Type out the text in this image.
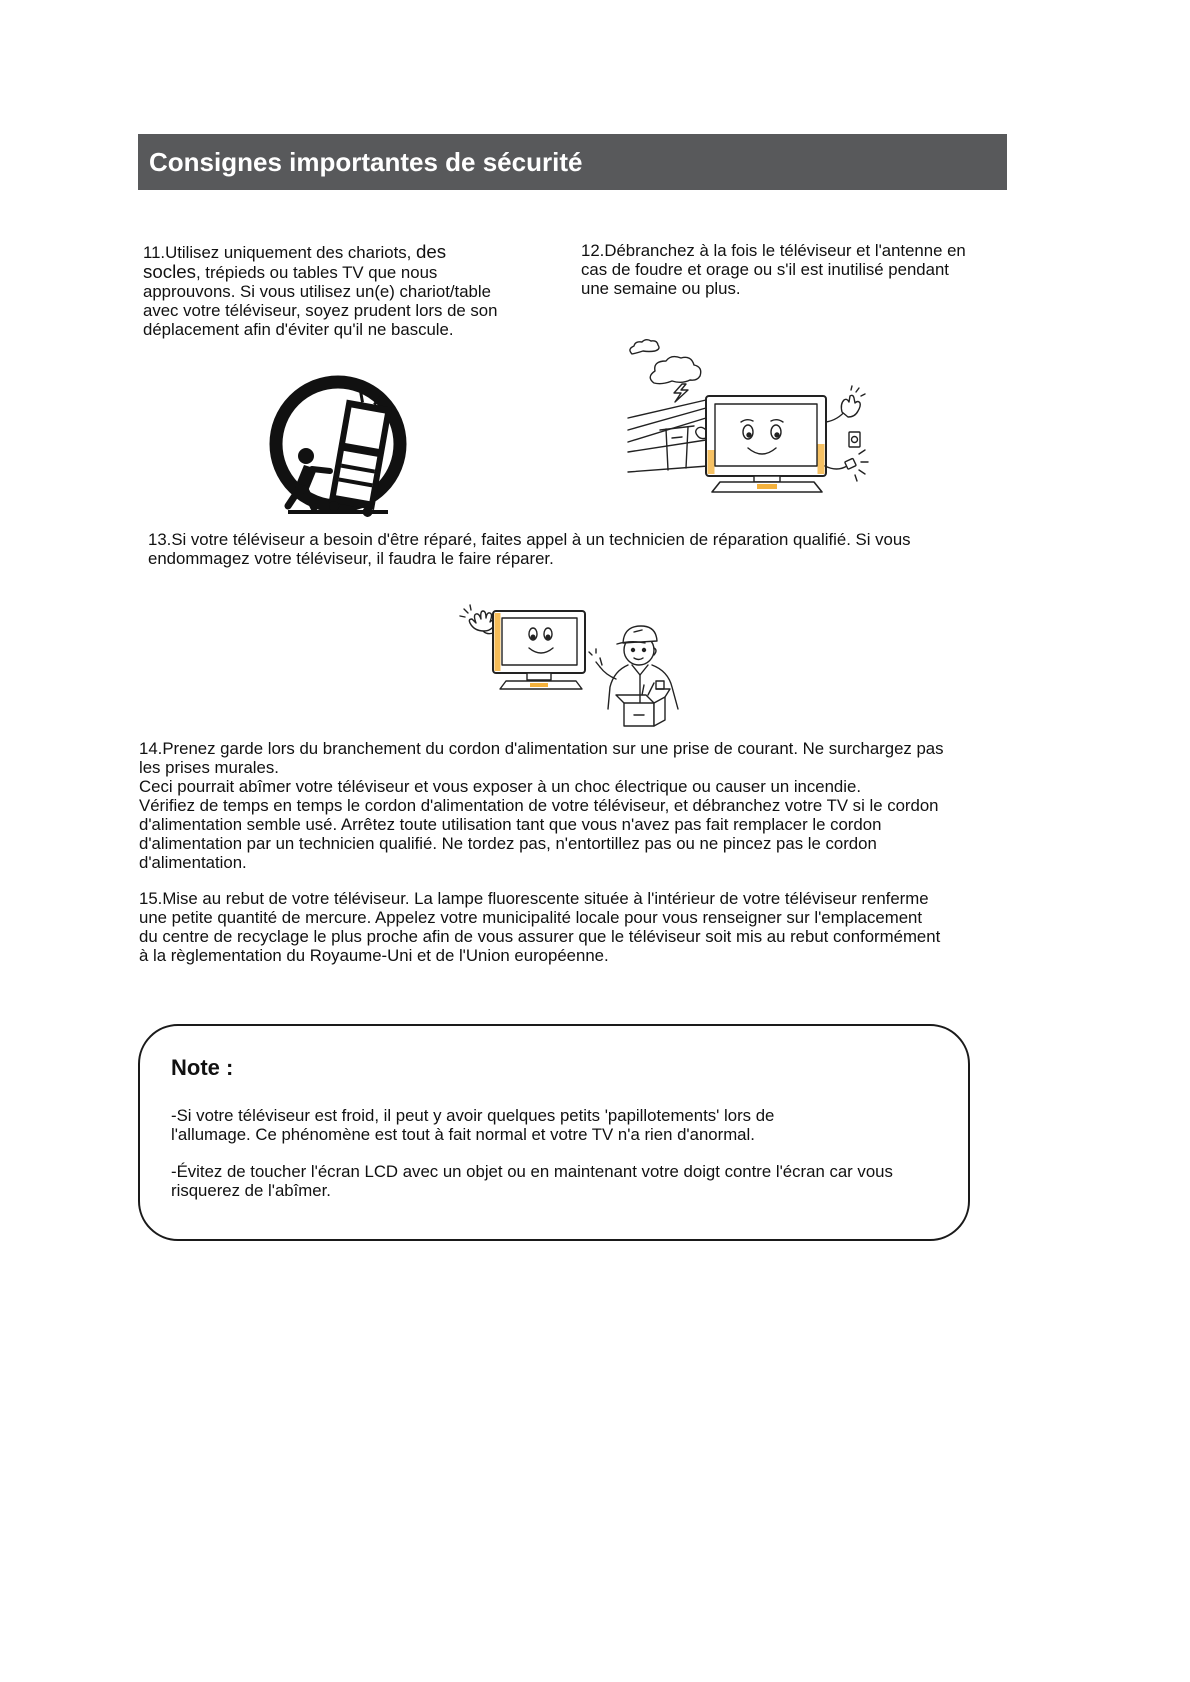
Consignes importantes de sécurité
11.Utilisez uniquement des chariots, des
socles, trépieds ou tables TV que nous
approuvons. Si vous utilisez un(e) chariot/table
avec votre téléviseur, soyez prudent lors de son
déplacement afin d'éviter qu'il ne bascule.
12.Débranchez à la fois le téléviseur et l'antenne en
cas de foudre et orage ou s'il est inutilisé pendant
une semaine ou plus.
13.Si votre téléviseur a besoin d'être réparé, faites appel à un technicien de réparation qualifié. Si vous
endommagez votre téléviseur, il faudra le faire réparer.
14.Prenez garde lors du branchement du cordon d'alimentation sur une prise de courant. Ne surchargez pas
les prises murales.
Ceci pourrait abîmer votre téléviseur et vous exposer à un choc électrique ou causer un incendie.
Vérifiez de temps en temps le cordon d'alimentation de votre téléviseur, et débranchez votre TV si le cordon
d'alimentation semble usé. Arrêtez toute utilisation tant que vous n'avez pas fait remplacer le cordon
d'alimentation par un technicien qualifié. Ne tordez pas, n'entortillez pas ou ne pincez pas le cordon
d'alimentation.
15.Mise au rebut de votre téléviseur. La lampe fluorescente située à l'intérieur de votre téléviseur renferme
une petite quantité de mercure. Appelez votre municipalité locale pour vous renseigner sur l'emplacement
du centre de recyclage le plus proche afin de vous assurer que le téléviseur soit mis au rebut conformément
à la règlementation du Royaume-Uni et de l'Union européenne.
Note :
-Si votre téléviseur est froid, il peut y avoir quelques petits 'papillotements' lors de
l'allumage. Ce phénomène est tout à fait normal et votre TV n'a rien d'anormal.
-Évitez de toucher l'écran LCD avec un objet ou en maintenant votre doigt contre l'écran car vous
risquerez de l'abîmer.
